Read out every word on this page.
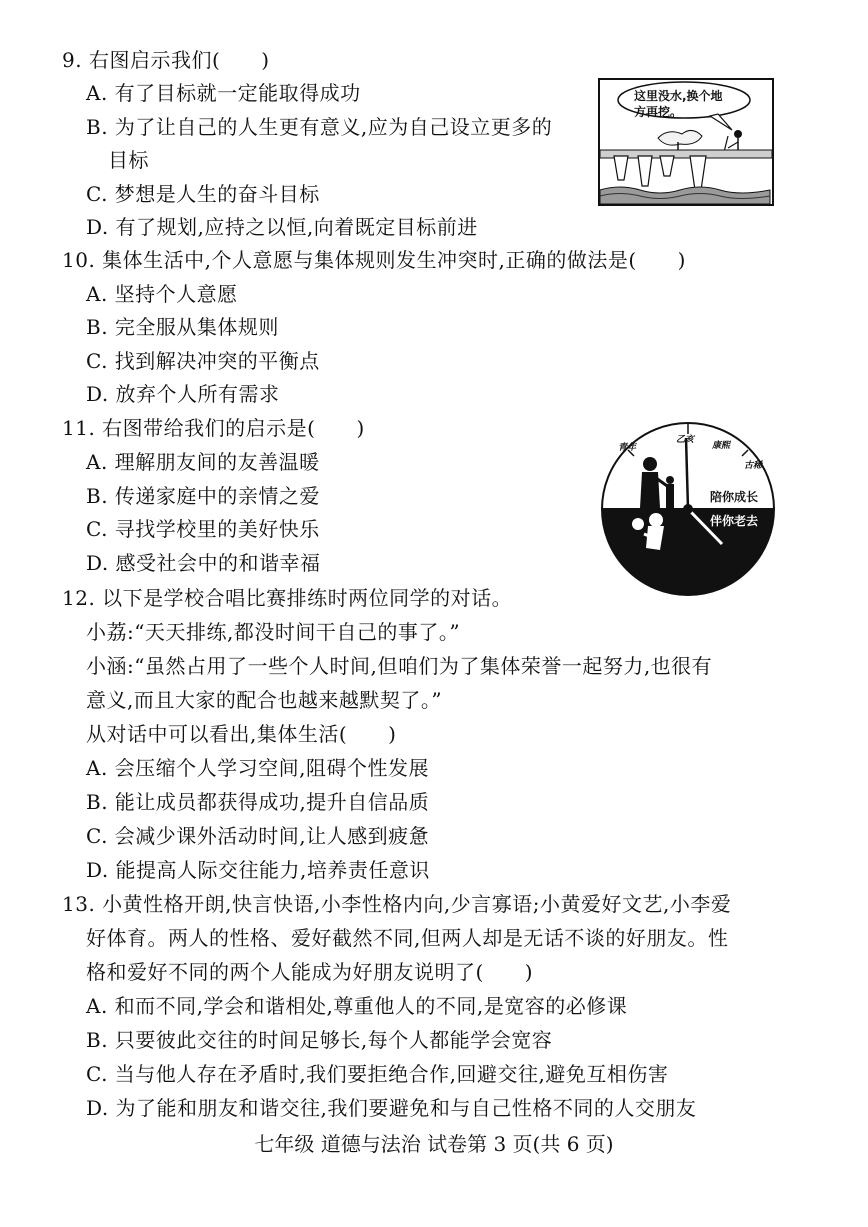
9. 右图启示我们(　　)
A. 有了目标就一定能取得成功
B. 为了让自己的人生更有意义,应为自己设立更多的
目标
C. 梦想是人生的奋斗目标
D. 有了规划,应持之以恒,向着既定目标前进
这里没水,换个地
方再挖。
10. 集体生活中,个人意愿与集体规则发生冲突时,正确的做法是(　　)
A. 坚持个人意愿
B. 完全服从集体规则
C. 找到解决冲突的平衡点
D. 放弃个人所有需求
11. 右图带给我们的启示是(　　)
A. 理解朋友间的友善温暖
B. 传递家庭中的亲情之爱
C. 寻找学校里的美好快乐
D. 感受社会中的和谐幸福
青年
乙亥
康熙
古稀
陪你成长
伴你老去
12. 以下是学校合唱比赛排练时两位同学的对话。
小荔:“天天排练,都没时间干自己的事了。”
小涵:“虽然占用了一些个人时间,但咱们为了集体荣誉一起努力,也很有
意义,而且大家的配合也越来越默契了。”
从对话中可以看出,集体生活(　　)
A. 会压缩个人学习空间,阻碍个性发展
B. 能让成员都获得成功,提升自信品质
C. 会减少课外活动时间,让人感到疲惫
D. 能提高人际交往能力,培养责任意识
13. 小黄性格开朗,快言快语,小李性格内向,少言寡语;小黄爱好文艺,小李爱
好体育。两人的性格、爱好截然不同,但两人却是无话不谈的好朋友。性
格和爱好不同的两个人能成为好朋友说明了(　　)
A. 和而不同,学会和谐相处,尊重他人的不同,是宽容的必修课
B. 只要彼此交往的时间足够长,每个人都能学会宽容
C. 当与他人存在矛盾时,我们要拒绝合作,回避交往,避免互相伤害
D. 为了能和朋友和谐交往,我们要避免和与自己性格不同的人交朋友
七年级 道德与法治 试卷第 3 页(共 6 页)
